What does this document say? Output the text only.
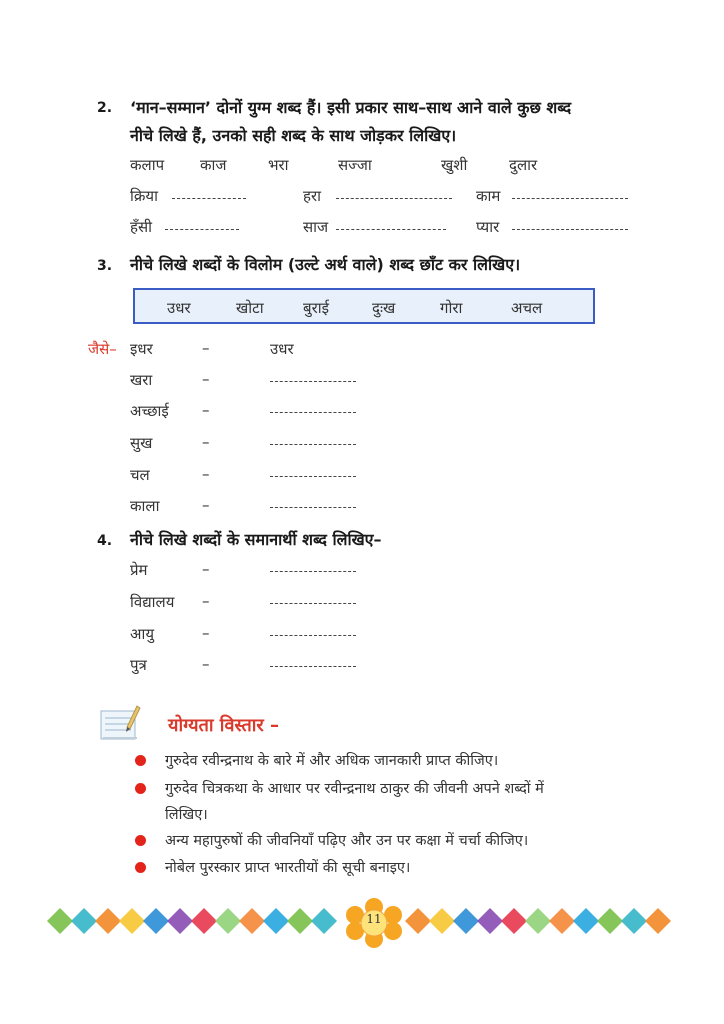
2. ‘मान–सम्मान’ दोनों युग्म शब्द हैं। इसी प्रकार साथ–साथ आने वाले कुछ शब्द
नीचे लिखे हैं, उनको सही शब्द के साथ जोड़कर लिखिए।
कलाप काज	भरा	सज्जा	खुशी	दुलार
क्रिया	हरा	काम
हँसी	साज	प्यार
3. नीचे लिखे शब्दों के विलोम (उल्टे अर्थ वाले) शब्द छाँट कर लिखिए।
उधर	खोटा	बुराई	दुःख	गोरा	अचल
जैसे– इधर	–	उधर
खरा	–
अच्छाई –
सुख	–
चल	–
काला	–
4. नीचे लिखे शब्दों के समानार्थी शब्द लिखिए–
प्रेम	–
विद्यालय –
आयु	–
पुत्र	–
योग्यता विस्तार –
गुरुदेव रवीन्द्रनाथ के बारे में और अधिक जानकारी प्राप्त कीजिए।
गुरुदेव चित्रकथा के आधार पर रवीन्द्रनाथ ठाकुर की जीवनी अपने शब्दों में
लिखिए।
अन्य महापुरुषों की जीवनियाँ पढ़िए और उन पर कक्षा में चर्चा कीजिए।
नोबेल पुरस्कार प्राप्त भारतीयों की सूची बनाइए।
11
